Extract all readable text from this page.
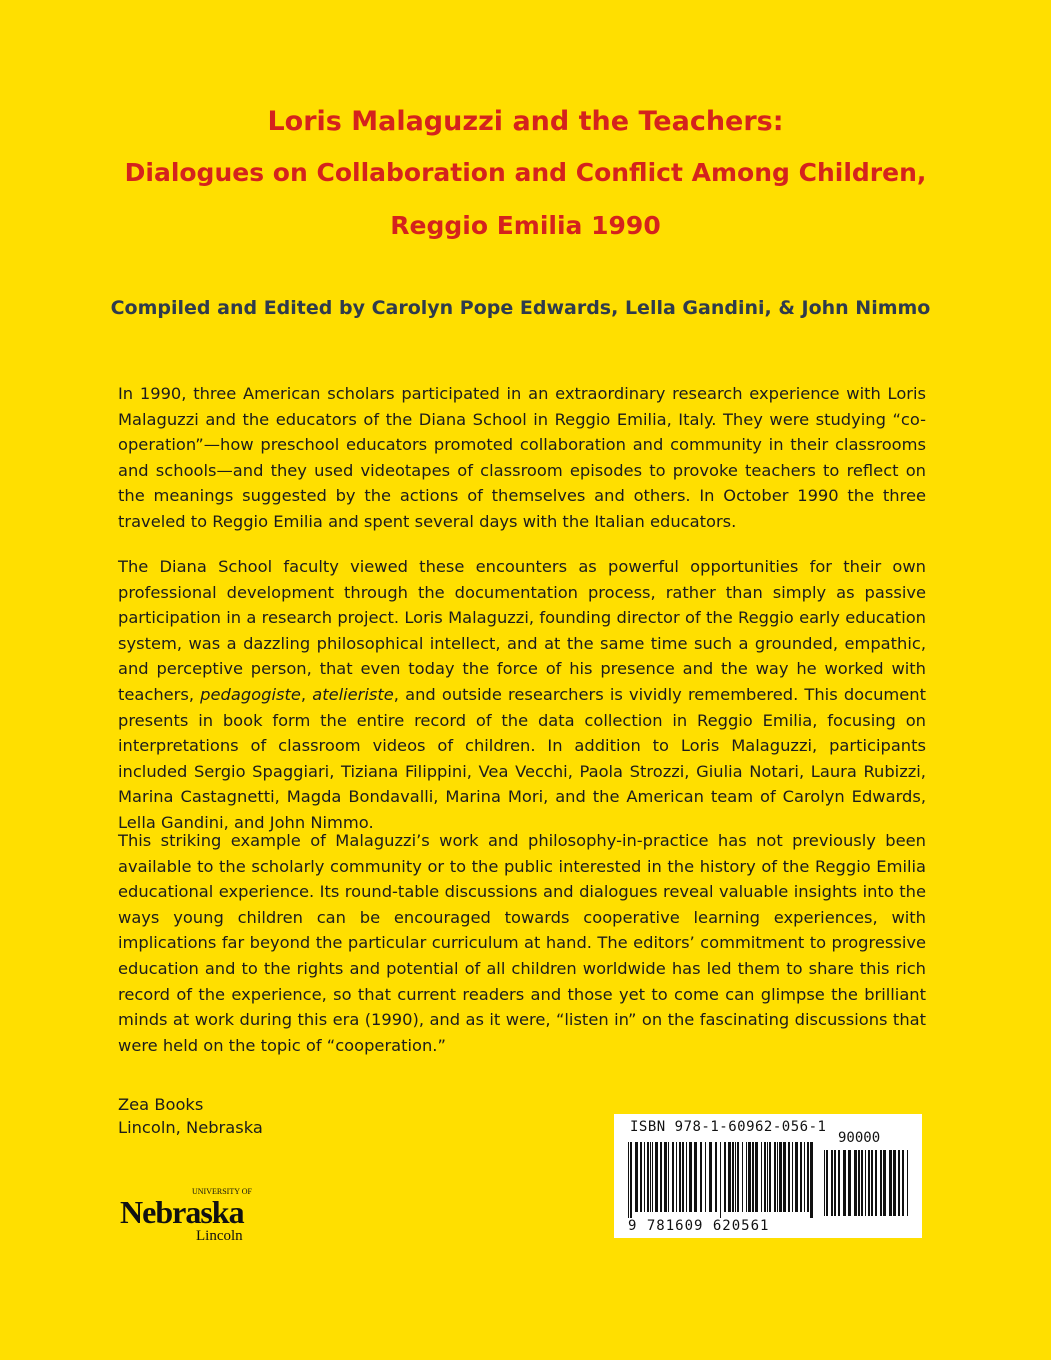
Loris Malaguzzi and the Teachers:
Dialogues on Collaboration and Conflict Among Children,
Reggio Emilia 1990

Compiled and Edited by Carolyn Pope Edwards, Lella Gandini, & John Nimmo

In 1990, three American scholars participated in an extraordinary research experience with Loris Malaguzzi and the educators of the Diana School in Reggio Emilia, Italy. They were studying “co-operation”—how preschool educators promoted collaboration and community in their classrooms and schools—and they used videotapes of classroom episodes to provoke teachers to reflect on the meanings suggested by the actions of themselves and others. In October 1990 the three traveled to Reggio Emilia and spent several days with the Italian educators.

The Diana School faculty viewed these encounters as powerful opportunities for their own professional development through the documentation process, rather than simply as passive participation in a research project. Loris Malaguzzi, founding director of the Reggio early education system, was a dazzling philosophical intellect, and at the same time such a grounded, empathic, and perceptive person, that even today the force of his presence and the way he worked with teachers, pedagogiste, atelieriste, and outside researchers is vividly remembered. This document presents in book form the entire record of the data collection in Reggio Emilia, focusing on interpretations of classroom videos of children. In addition to Loris Malaguzzi, participants included Sergio Spaggiari, Tiziana Filippini, Vea Vecchi, Paola Strozzi, Giulia Notari, Laura Rubizzi, Marina Castagnetti, Magda Bondavalli, Marina Mori, and the American team of Carolyn Edwards, Lella Gandini, and John Nimmo.

This striking example of Malaguzzi’s work and philosophy-in-practice has not previously been available to the scholarly community or to the public interested in the history of the Reggio Emilia educational experience. Its round-table discussions and dialogues reveal valuable insights into the ways young children can be encouraged towards cooperative learning experiences, with implications far beyond the particular curriculum at hand. The editors’ commitment to progressive education and to the rights and potential of all children worldwide has led them to share this rich record of the experience, so that current readers and those yet to come can glimpse the brilliant minds at work during this era (1990), and as it were, “listen in” on the fascinating discussions that were held on the topic of “cooperation.”

Zea Books

Lincoln, Nebraska

UNIVERSITY OF
Nebraska
Lincoln
ISBN 978-1-60962-056-1
90000
9 781609 620561
